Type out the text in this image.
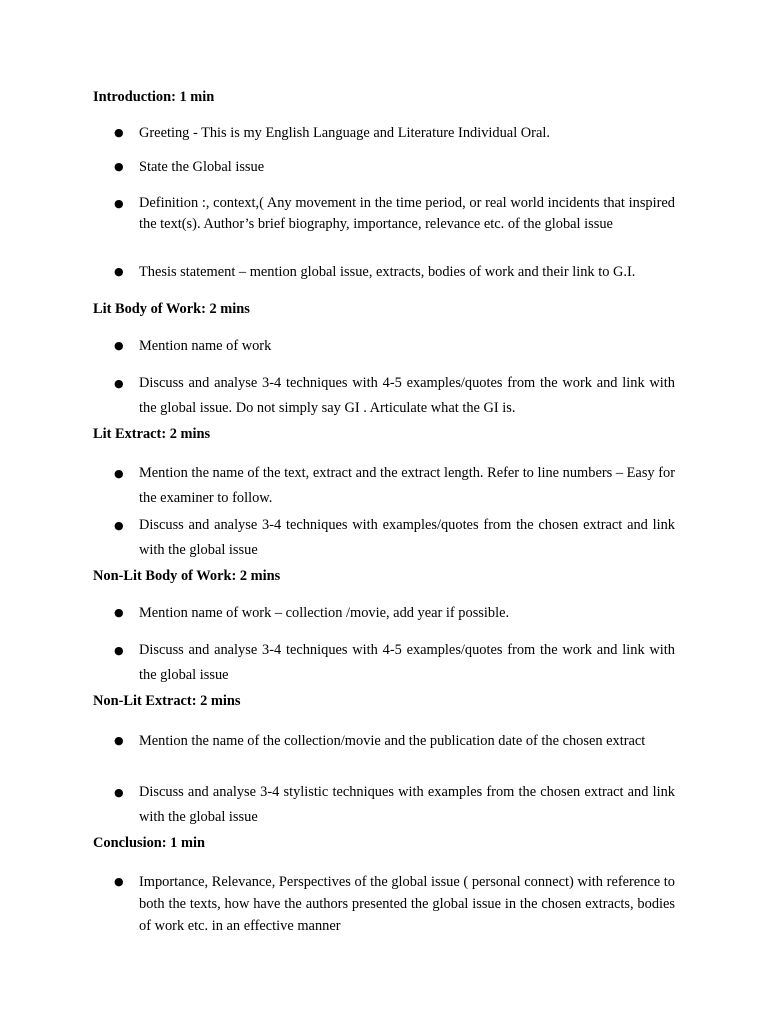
Introduction: 1 min
● Greeting - This is my English Language and Literature Individual Oral.
● State the Global issue
● Definition :, context,( Any movement in the time period, or real world incidents that inspired the text(s). Author’s brief biography, importance, relevance etc. of the global issue
● Thesis statement – mention global issue, extracts, bodies of work and their link to G.I.
Lit Body of Work: 2 mins
● Mention name of work
● Discuss and analyse 3-4 techniques with 4-5 examples/quotes from the work and link with the global issue. Do not simply say GI . Articulate what the GI is.
Lit Extract: 2 mins
● Mention the name of the text, extract and the extract length. Refer to line numbers – Easy for the examiner to follow.
● Discuss and analyse 3-4 techniques with examples/quotes from the chosen extract and link with the global issue
Non-Lit Body of Work: 2 mins
● Mention name of work – collection /movie, add year if possible.
● Discuss and analyse 3-4 techniques with 4-5 examples/quotes from the work and link with the global issue
Non-Lit Extract: 2 mins
● Mention the name of the collection/movie and the publication date of the chosen extract
● Discuss and analyse 3-4 stylistic techniques with examples from the chosen extract and link with the global issue
Conclusion: 1 min
● Importance, Relevance, Perspectives of the global issue ( personal connect) with reference to both the texts, how have the authors presented the global issue in the chosen extracts, bodies of work etc. in an effective manner
